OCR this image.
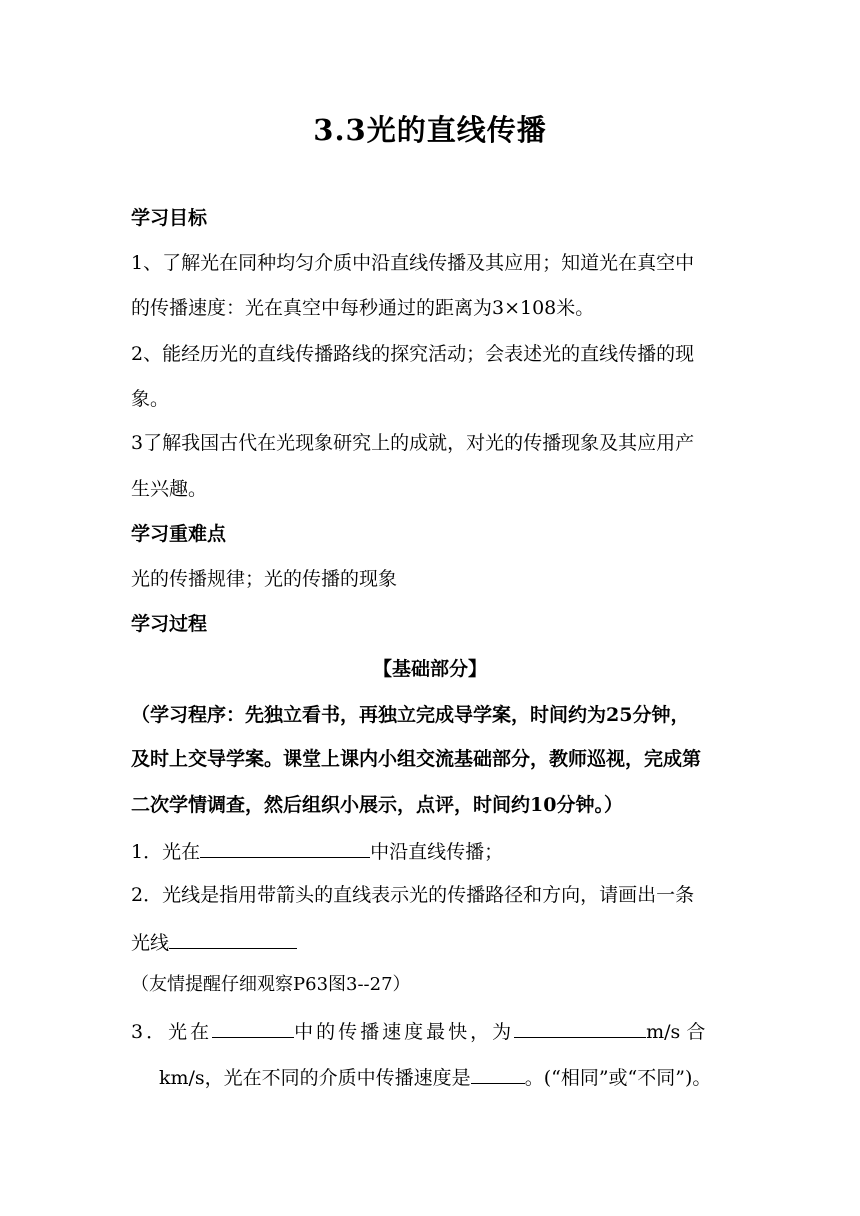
3.3光的直线传播
学习目标
1、了解光在同种均匀介质中沿直线传播及其应用；知道光在真空中
的传播速度：光在真空中每秒通过的距离为3×108米。
2、能经历光的直线传播路线的探究活动；会表述光的直线传播的现
象。
3了解我国古代在光现象研究上的成就，对光的传播现象及其应用产
生兴趣。
学习重难点
光的传播规律；光的传播的现象
学习过程
【基础部分】
（学习程序：先独立看书，再独立完成导学案，时间约为25分钟，
及时上交导学案。课堂上课内小组交流基础部分，教师巡视，完成第
二次学情调查，然后组织小展示，点评，时间约10分钟。）
1．光在	中沿直线传播；
2．光线是指用带箭头的直线表示光的传播路径和方向，请画出一条
光线
（友情提醒仔细观察P63图3--27）
3．光在	中的传播速度最快，为	m/s 合
km/s，光在不同的介质中传播速度是	。(“相同”或“不同”)。
